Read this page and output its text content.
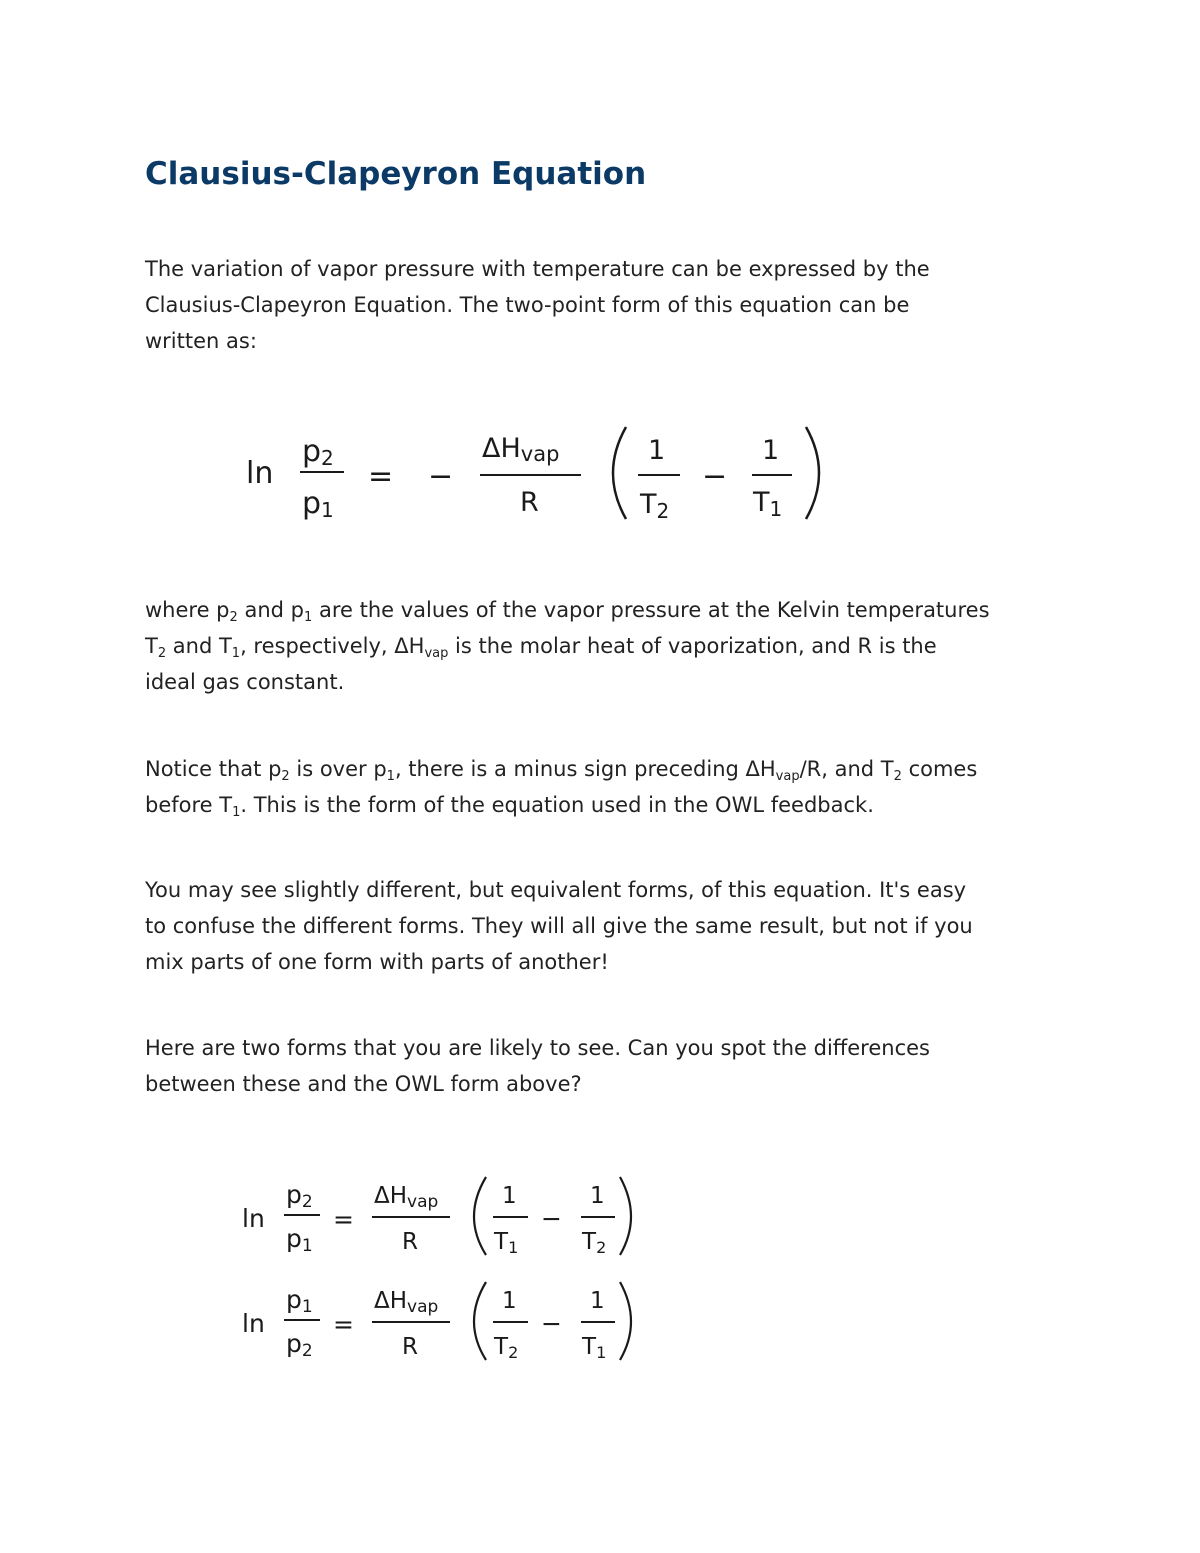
Clausius-Clapeyron Equation

The variation of vapor pressure with temperature can be expressed by the
Clausius-Clapeyron Equation. The two-point form of this equation can be
written as:

ln
p2
p1
= −
ΔHvap
R
1
T2
−
1
T1

where $p_2$ and $p_1$ are the values of the vapor pressure at the Kelvin temperatures
$T_2$ and $T_1$, respectively, $\Delta H_{vap}$ is the molar heat of vaporization, and R is the
ideal gas constant.

Notice that $p_2$ is over $p_1$, there is a minus sign preceding $\Delta H_{vap}/R$, and $T_2$ comes
before $T_1$. This is the form of the equation used in the OWL feedback.

You may see slightly different, but equivalent forms, of this equation. It's easy
to confuse the different forms. They will all give the same result, but not if you
mix parts of one form with parts of another!

Here are two forms that you are likely to see. Can you spot the differences
between these and the OWL form above?

ln
p2
p1
=
ΔHvap
R
1
T1
−
1
T2
ln
p1
p2
=
ΔHvap
R
1
T2
−
1
T1
